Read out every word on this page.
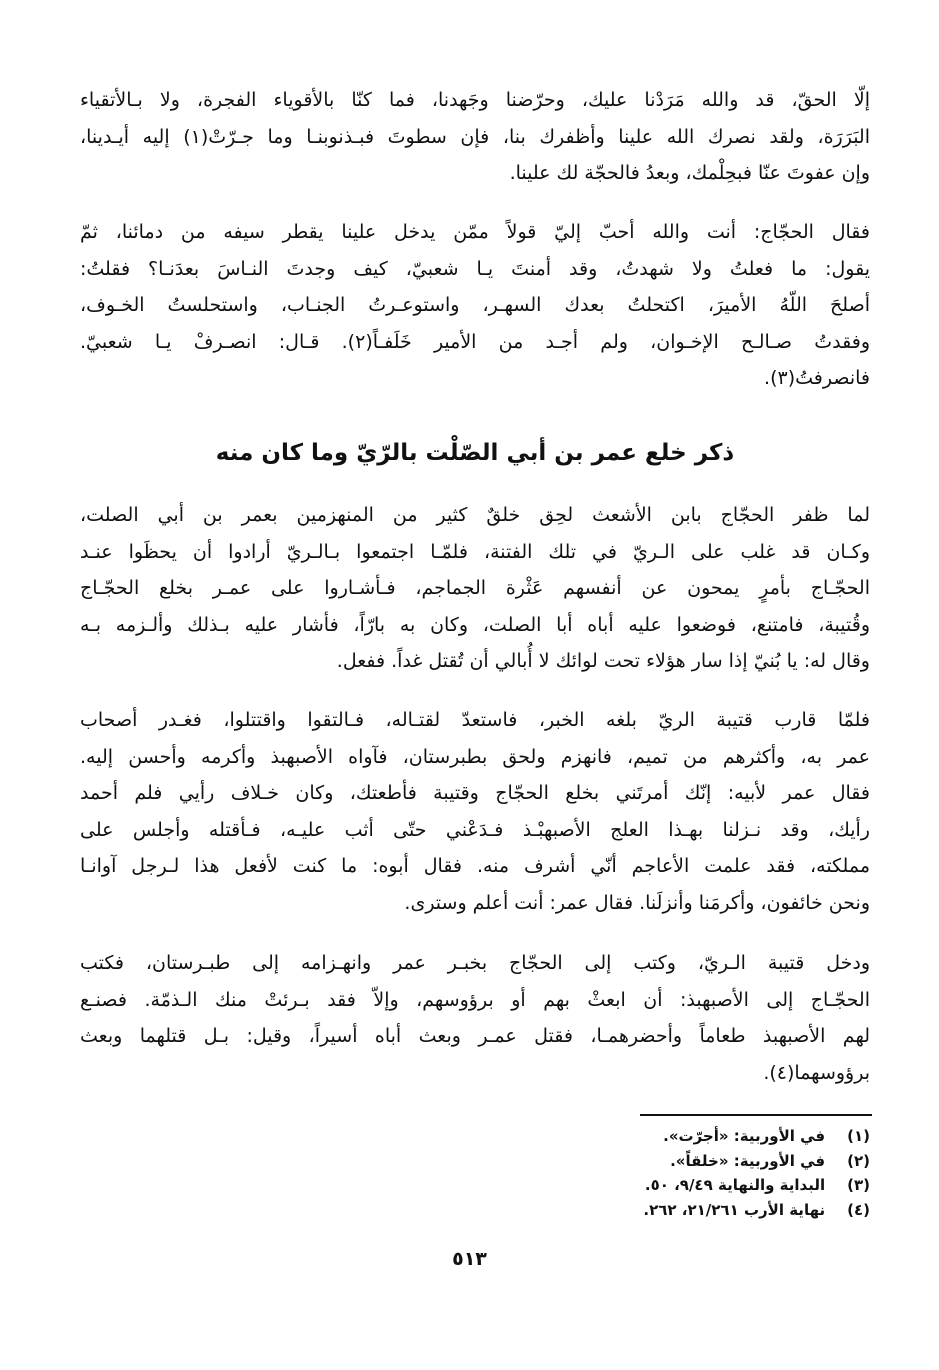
إلّا الحقّ، قد والله مَرَدْنا عليك، وحرّضنا وجَهدنا، فما كنّا بالأقوياء الفجرة، ولا بـالأتقياء
البَرَرَة، ولقد نصرك الله علينا وأظفرك بنا، فإن سطوتَ فبـذنوبنـا وما جـرّتْ(١) إليه أيـدينا،
وإن عفوتَ عنّا فبحِلْمك، وبعدُ فالحجّة لك علينا.
فقال الحجّاج: أنت والله أحبّ إليّ قولاً ممّن يدخل علينا يقطر سيفه من دمائنا، ثمّ
يقول: ما فعلتُ ولا شهدتُ، وقد أمنتَ يـا شعبيّ، كيف وجدتَ النـاسَ بعدَنـا؟ فقلتُ:
أصلحَ اللّهُ الأميرَ، اكتحلتُ بعدك السهـر، واستوعـرتُ الجنـاب، واستحلستُ الخـوف،
وفقدتُ صـالـح الإخـوان، ولم أجـد من الأمير خَلَفـاً(٢). قـال: انصـرفْ يـا شعبيّ.
فانصرفتُ(٣).
ذكر خلع عمر بن أبي الصّلْت بالرّيّ وما كان منه
لما ظفر الحجّاج بابن الأشعث لحِق خلقٌ كثير من المنهزمين بعمر بن أبي الصلت،
وكـان قد غلب على الـريّ في تلك الفتنة، فلمّـا اجتمعوا بـالـريّ أرادوا أن يحظَوا عنـد
الحجّـاج بأمرٍ يمحون عن أنفسهم عَثْرة الجماجم، فـأشـاروا على عمـر بخلع الحجّـاج
وقُتيبة، فامتنع، فوضعوا عليه أباه أبا الصلت، وكان به بارّاً، فأشار عليه بـذلك وألـزمه بـه
وقال له: يا بُنيّ إذا سار هؤلاء تحت لوائك لا أُبالي أن تُقتل غداً. ففعل.
فلمّا قارب قتيبة الريّ بلغه الخبر، فاستعدّ لقتـاله، فـالتقوا واقتتلوا، فغـدر أصحاب
عمر به، وأكثرهم من تميم، فانهزم ولحق بطبرستان، فآواه الأصبهبذ وأكرمه وأحسن إليه.
فقال عمر لأبيه: إنّك أمرتَني بخلع الحجّاج وقتيبة فأطعتك، وكان خـلاف رأيي فلم أحمد
رأيك، وقد نـزلنا بهـذا العلج الأصبهبْـذ فـدَعْني حتّى أثب عليـه، فـأقتله وأجلس على
مملكته، فقد علمت الأعاجم أنّي أشرف منه. فقال أبوه: ما كنت لأفعل هذا لـرجل آوانـا
ونحن خائفون، وأكرمَنا وأنزلَنا. فقال عمر: أنت أعلم وسترى.
ودخل قتيبة الـريّ، وكتب إلى الحجّاج بخبـر عمر وانهـزامه إلى طبـرستان، فكتب
الحجّـاج إلى الأصبهبذ: أن ابعثْ بهم أو برؤوسهم، وإلاّ فقد بـرئتْ منك الـذمّة. فصنـع
لهم الأصبهبذ طعاماً وأحضرهمـا، فقتل عمـر وبعث أباه أسيراً، وقيل: بـل قتلهما وبعث
برؤوسهما(٤).
(١)
في الأوربية: «أجرّت».
(٢)
في الأوربية: «خلقاً».
(٣)
البداية والنهاية ٩/٤٩، ٥٠.
(٤)
نهاية الأرب ٢١/٢٦١، ٢٦٢.
٥١٣
